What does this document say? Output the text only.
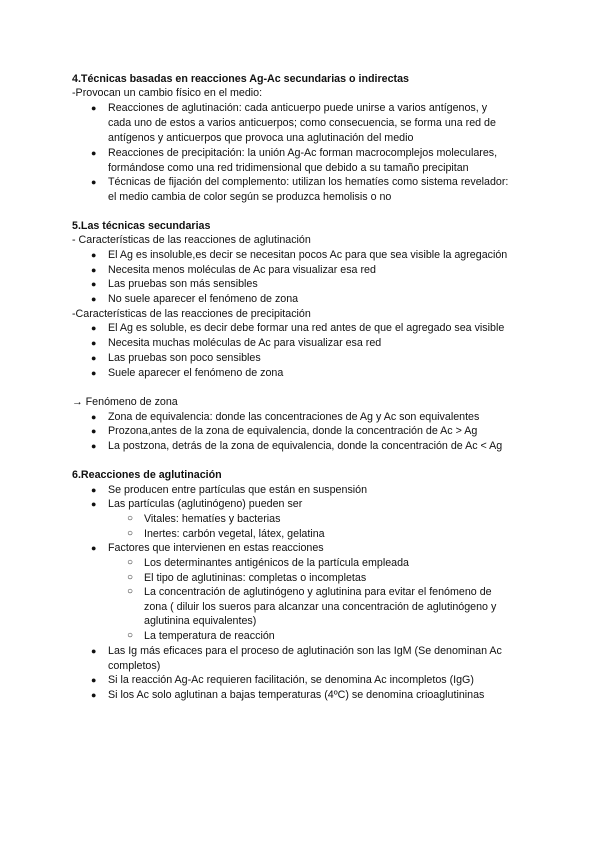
4.Técnicas basadas en reacciones Ag-Ac secundarias o indirectas
-Provocan un cambio físico en el medio:
● Reacciones de aglutinación: cada anticuerpo puede unirse a varios antígenos, y
cada uno de estos a varios anticuerpos; como consecuencia, se forma una red de
antígenos y anticuerpos que provoca una aglutinación del medio
● Reacciones de precipitación: la unión Ag-Ac forman macrocomplejos moleculares,
formándose como una red tridimensional que debido a su tamaño precipitan
● Técnicas de fijación del complemento: utilizan los hematíes como sistema revelador:
el medio cambia de color según se produzca hemolisis o no
5.Las técnicas secundarias
- Características de las reacciones de aglutinación
● El Ag es insoluble,es decir se necesitan pocos Ac para que sea visible la agregación
● Necesita menos moléculas de Ac para visualizar esa red
● Las pruebas son más sensibles
● No suele aparecer el fenómeno de zona
-Características de las reacciones de precipitación
● El Ag es soluble, es decir debe formar una red antes de que el agregado sea visible
● Necesita muchas moléculas de Ac para visualizar esa red
● Las pruebas son poco sensibles
● Suele aparecer el fenómeno de zona
→ Fenómeno de zona
● Zona de equivalencia: donde las concentraciones de Ag y Ac son equivalentes
● Prozona,antes de la zona de equivalencia, donde la concentración de Ac > Ag
● La postzona, detrás de la zona de equivalencia, donde la concentración de Ac < Ag
6.Reacciones de aglutinación
● Se producen entre partículas que están en suspensión
● Las partículas (aglutinógeno) pueden ser
○ Vitales: hematíes y bacterias
○ Inertes: carbón vegetal, látex, gelatina
● Factores que intervienen en estas reacciones
○ Los determinantes antigénicos de la partícula empleada
○ El tipo de aglutininas: completas o incompletas
○ La concentración de aglutinógeno y aglutinina para evitar el fenómeno de
zona ( diluir los sueros para alcanzar una concentración de aglutinógeno y
aglutinina equivalentes)
○ La temperatura de reacción
● Las Ig más eficaces para el proceso de aglutinación son las IgM (Se denominan Ac
completos)
● Si la reacción Ag-Ac requieren facilitación, se denomina Ac incompletos (IgG)
● Si los Ac solo aglutinan a bajas temperaturas (4ºC) se denomina crioaglutininas
